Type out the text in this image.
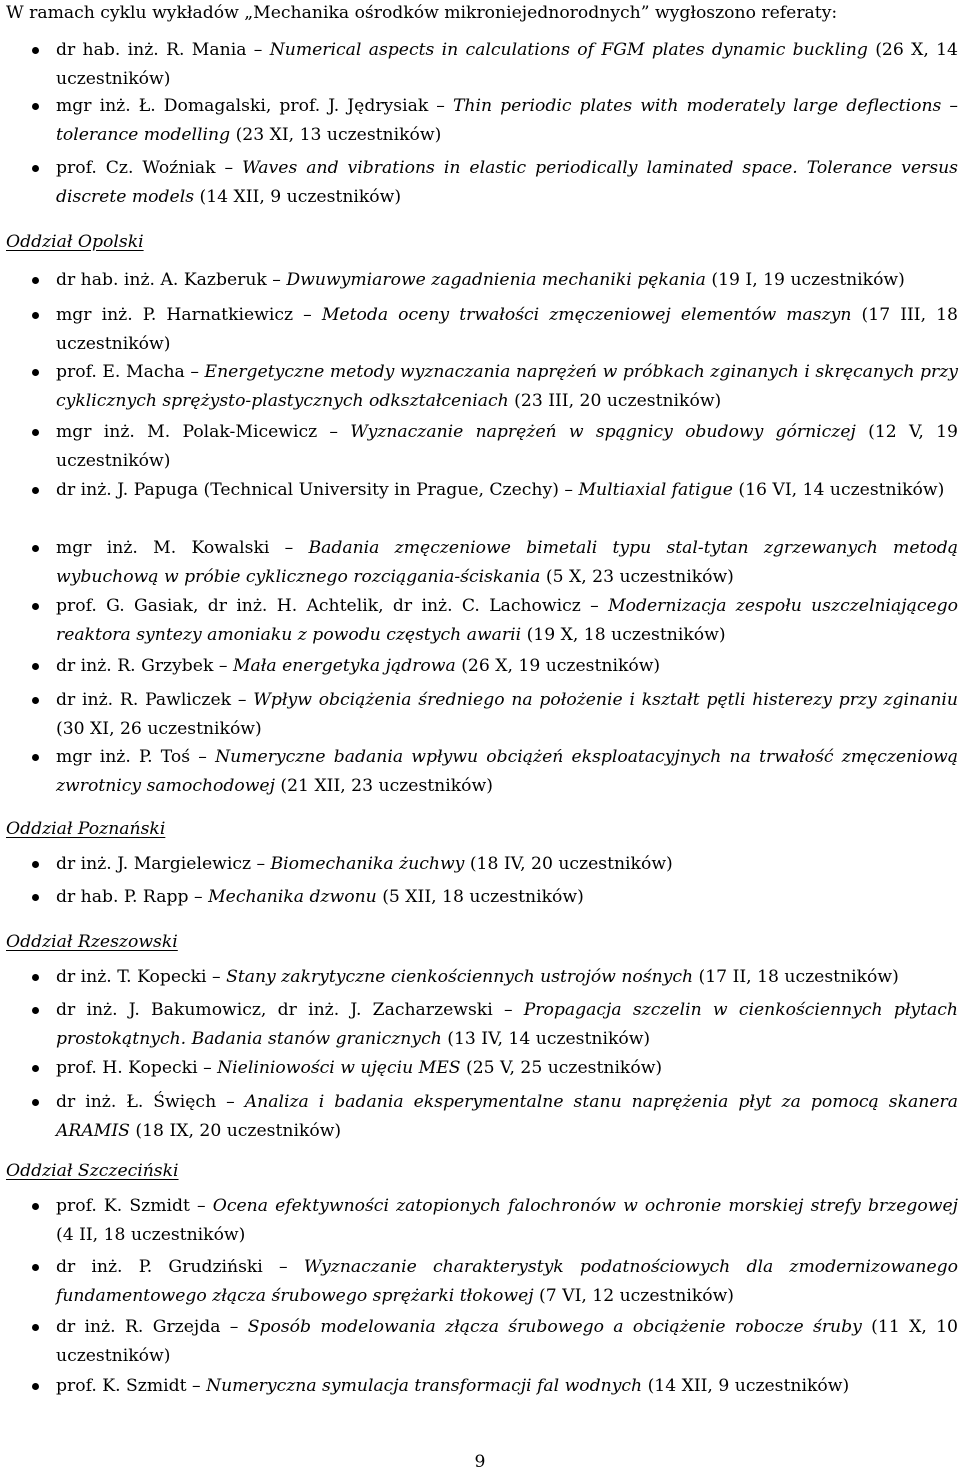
W ramach cyklu wykładów „Mechanika ośrodków mikroniejednorodnych” wygłoszono referaty:
dr hab. inż. R. Mania – Numerical aspects in calculations of FGM plates dynamic buckling (26 X, 14 uczestników)
mgr inż. Ł. Domagalski, prof. J. Jędrysiak – Thin periodic plates with moderately large deflections – tolerance modelling (23 XI, 13 uczestników)
prof. Cz. Woźniak – Waves and vibrations in elastic periodically laminated space. Tolerance versus discrete models (14 XII, 9 uczestników)
Oddział Opolski
dr hab. inż. A. Kazberuk – Dwuwymiarowe zagadnienia mechaniki pękania (19 I, 19 uczestników)
mgr inż. P. Harnatkiewicz – Metoda oceny trwałości zmęczeniowej elementów maszyn (17 III, 18 uczestników)
prof. E. Macha – Energetyczne metody wyznaczania naprężeń w próbkach zginanych i skręcanych przy cyklicznych sprężysto-plastycznych odkształceniach (23 III, 20 uczestników)
mgr inż. M. Polak-Micewicz – Wyznaczanie naprężeń w spągnicy obudowy górniczej (12 V, 19 uczestników)
dr inż. J. Papuga (Technical University in Prague, Czechy) – Multiaxial fatigue (16 VI, 14 uczestników)
mgr inż. M. Kowalski – Badania zmęczeniowe bimetali typu stal-tytan zgrzewanych metodą wybuchową w próbie cyklicznego rozciągania-ściskania (5 X, 23 uczestników)
prof. G. Gasiak, dr inż. H. Achtelik, dr inż. C. Lachowicz – Modernizacja zespołu uszczelniającego reaktora syntezy amoniaku z powodu częstych awarii (19 X, 18 uczestników)
dr inż. R. Grzybek – Mała energetyka jądrowa (26 X, 19 uczestników)
dr inż. R. Pawliczek – Wpływ obciążenia średniego na położenie i kształt pętli histerezy przy zginaniu (30 XI, 26 uczestników)
mgr inż. P. Toś – Numeryczne badania wpływu obciążeń eksploatacyjnych na trwałość zmęczeniową zwrotnicy samochodowej (21 XII, 23 uczestników)
Oddział Poznański
dr inż. J. Margielewicz – Biomechanika żuchwy (18 IV, 20 uczestników)
dr hab. P. Rapp – Mechanika dzwonu (5 XII, 18 uczestników)
Oddział Rzeszowski
dr inż. T. Kopecki – Stany zakrytyczne cienkościennych ustrojów nośnych (17 II, 18 uczestników)
dr inż. J. Bakumowicz, dr inż. J. Zacharzewski – Propagacja szczelin w cienkościennych płytach prostokątnych. Badania stanów granicznych (13 IV, 14 uczestników)
prof. H. Kopecki – Nieliniowości w ujęciu MES (25 V, 25 uczestników)
dr inż. Ł. Święch – Analiza i badania eksperymentalne stanu naprężenia płyt za pomocą skanera ARAMIS (18 IX, 20 uczestników)
Oddział Szczeciński
prof. K. Szmidt – Ocena efektywności zatopionych falochronów w ochronie morskiej strefy brzegowej (4 II, 18 uczestników)
dr inż. P. Grudziński – Wyznaczanie charakterystyk podatnościowych dla zmodernizowanego fundamentowego złącza śrubowego sprężarki tłokowej (7 VI, 12 uczestników)
dr inż. R. Grzejda – Sposób modelowania złącza śrubowego a obciążenie robocze śruby (11 X, 10 uczestników)
prof. K. Szmidt – Numeryczna symulacja transformacji fal wodnych (14 XII, 9 uczestników)
9
